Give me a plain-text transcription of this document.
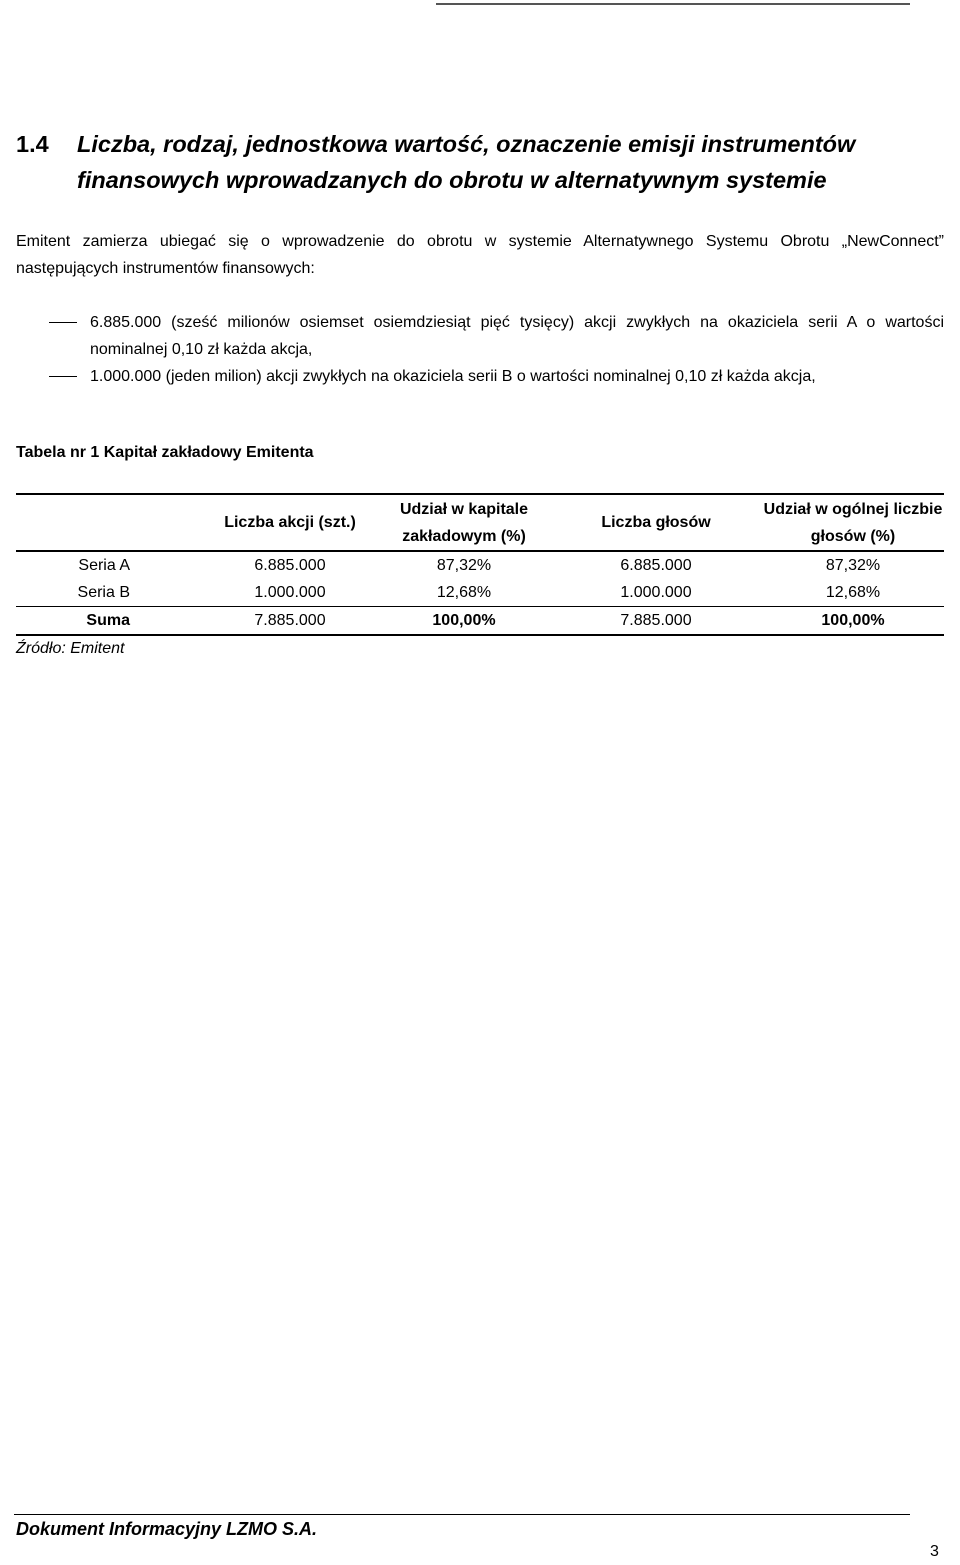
1.4 Liczba, rodzaj, jednostkowa wartość, oznaczenie emisji instrumentów finansowych wprowadzanych do obrotu w alternatywnym systemie
Emitent zamierza ubiegać się o wprowadzenie do obrotu w systemie Alternatywnego Systemu Obrotu „NewConnect” następujących instrumentów finansowych:
6.885.000 (sześć milionów osiemset osiemdziesiąt pięć tysięcy) akcji zwykłych na okaziciela serii A o wartości nominalnej 0,10 zł każda akcja,
1.000.000 (jeden milion) akcji zwykłych na okaziciela serii B o wartości nominalnej 0,10 zł każda akcja,
Tabela nr 1 Kapitał zakładowy Emitenta
	Liczba akcji (szt.)	Udział w kapitale zakładowym (%)	Liczba głosów	Udział w ogólnej liczbie głosów (%)
Seria A	6.885.000	87,32%	6.885.000	87,32%
Seria B	1.000.000	12,68%	1.000.000	12,68%
Suma	7.885.000	100,00%	7.885.000	100,00%
Źródło: Emitent
Dokument Informacyjny LZMO S.A.
3
